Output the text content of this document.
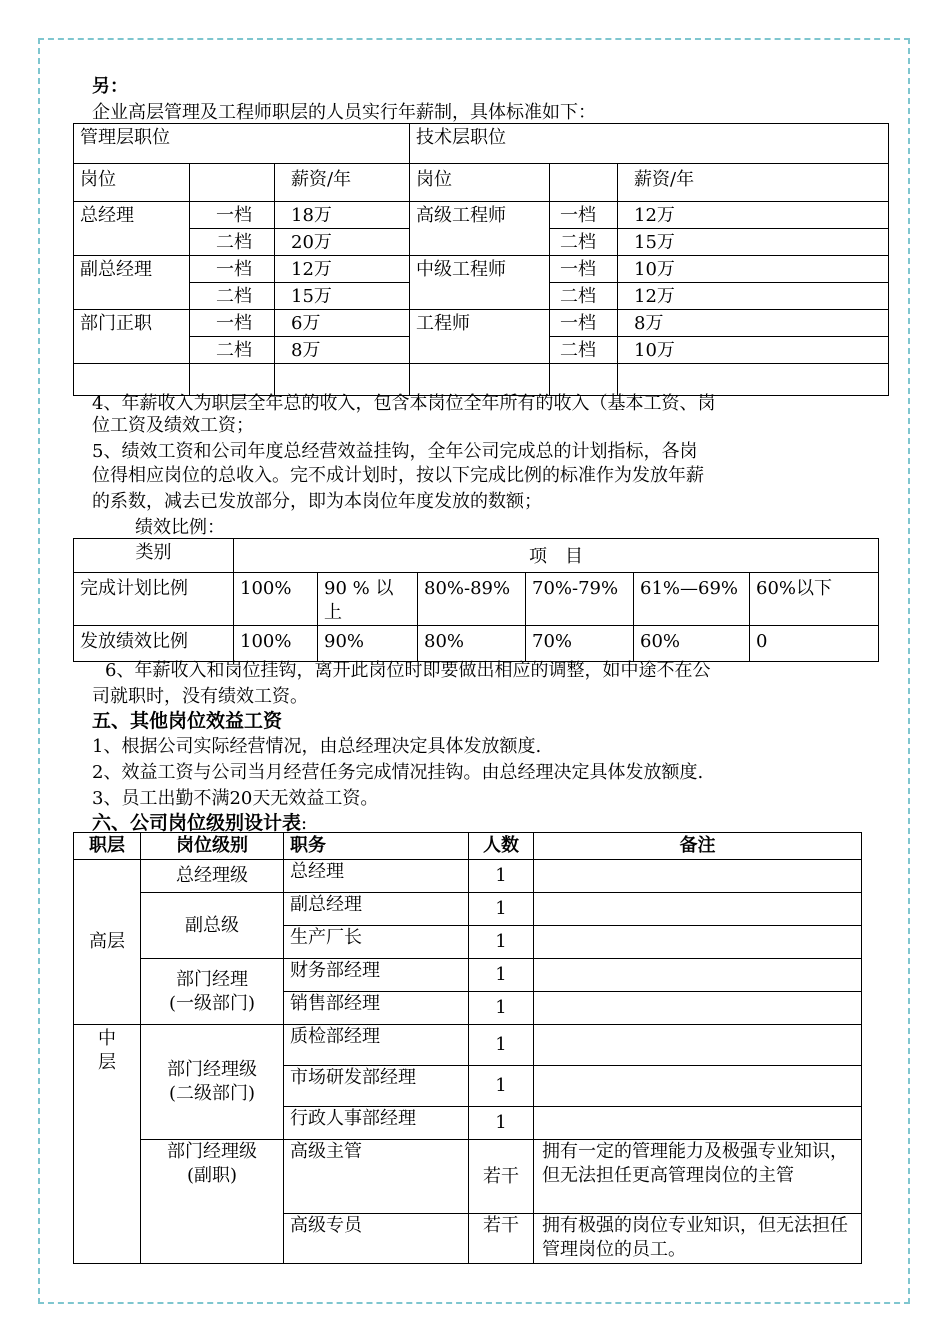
另：
企业高层管理及工程师职层的人员实行年薪制，具体标准如下：
管理层职位			技术层职位		
岗位		薪资/年	岗位		薪资/年
总经理	一档	18万	高级工程师	一档	12万
	二档	20万		二档	15万
副总经理	一档	12万	中级工程师	一档	10万
	二档	15万		二档	12万
部门正职	一档	6万	工程师	一档	8万
	二档	8万		二档	10万

4、年薪收入为职层全年总的收入，包含本岗位全年所有的收入（基本工资、岗
位工资及绩效工资；
5、绩效工资和公司年度总经营效益挂钩，全年公司完成总的计划指标，各岗
位得相应岗位的总收入。完不成计划时，按以下完成比例的标准作为发放年薪
的系数，减去已发放部分，即为本岗位年度发放的数额；
绩效比例：
类别	项　目					
完成计划比例	100%	90 % 以上	80%-89%	70%-79%	61%—69%	60%以下
发放绩效比例	100%	90%	80%	70%	60%	0
6、年薪收入和岗位挂钩，离开此岗位时即要做出相应的调整，如中途不在公
司就职时，没有绩效工资。
五、其他岗位效益工资
1、根据公司实际经营情况，由总经理决定具体发放额度.
2、效益工资与公司当月经营任务完成情况挂钩。由总经理决定具体发放额度.
3、员工出勤不满20天无效益工资。
六、公司岗位级别设计表:
职层	岗位级别	职务	人数	备注
高层	总经理级	总经理	1	
	副总级	副总经理	1	
		生产厂长	1	
	部门经理
(一级部门)	财务部经理	1	
		销售部经理	1	
中
层	部门经理级
(二级部门)	质检部经理	1	
		市场研发部经理	1	
		行政人事部经理	1	
	部门经理级
(副职)	高级主管	若干	拥有一定的管理能力及极强专业知识，但无法担任更高管理岗位的主管
		高级专员	若干	拥有极强的岗位专业知识，但无法担任管理岗位的员工。
